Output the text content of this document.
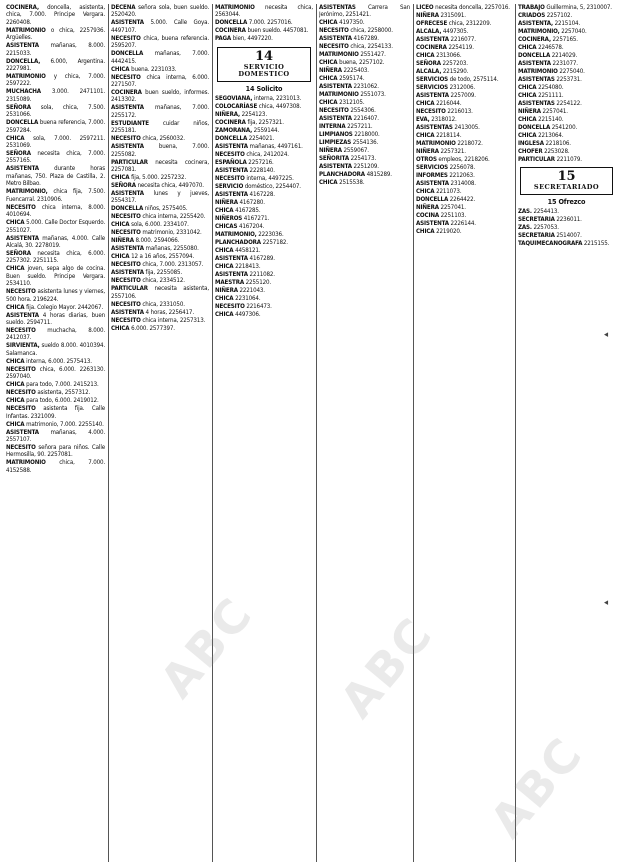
COCINERA, doncella, asistenta, chica, 7.000. Principe Vergara. 2260408.

MATRIMONIO o chica, 2257936. Argüelles.

ASISTENTA mañanas, 8.000. 2215033.

DONCELLA, 6.000, Argentina. 2227981.

MATRIMONIO y chica, 7.000. 2597222.

MUCHACHA 3.000. 2471101. 2315089.

SEÑORA sola, chica, 7.500. 2531066.

DONCELLA buena referencia, 7.000. 2597284.

CHICA sola, 7.000. 2597211. 2531069.

SEÑORA necesita chica, 7.000. 2557165.

ASISTENTA durante horas mañanas, 750. Plaza de Castilla, 2. Metro Bilbao.

MATRIMONIO, chica fija, 7.500. Fuencarral. 2310906.

NECESITO chica interna, 8.000. 4010694.

CHICA 5.000. Calle Doctor Esquerdo. 2551027.

ASISTENTA mañanas, 4.000. Calle Alcalá, 30. 2278019.

SEÑORA necesita chica, 6.000. 2257302. 2251115.

CHICA joven, sepa algo de cocina. Buen sueldo. Principe Vergara. 2534110.

NECESITO asistenta lunes y viernes, 500 hora. 2196224.

CHICA fija. Colegio Mayor. 2442067.

ASISTENTA 4 horas diarias, buen sueldo. 2594711.

NECESITO muchacha, 8.000. 2412037.

SIRVIENTA, sueldo 8.000. 4010394. Salamanca.

CHICA interna, 6.000. 2575413.

NECESITO chica, 6.000. 2263130. 2597040.

CHICA para todo, 7.000. 2415213.

NECESITO asistenta, 2557312.

CHICA para todo, 6.000. 2419012.

NECESITO asistenta fija. Calle Infantas. 2321009.

CHICA matrimonio, 7.000. 2255140.

ASISTENTA mañanas, 4.000. 2557107.

NECESITO señora para niños. Calle Hermosilla, 90. 2257081.

MATRIMONIO chica, 7.000. 4152588.

DECENA señora sola, buen sueldo. 2520420.

ASISTENTA 5.000. Calle Goya. 4497107.

NECESITO chica, buena referencia. 2595207.

DONCELLA mañanas, 7.000. 4442415.

CHICA buena. 2231033.

NECESITO chica interna, 6.000. 2271507.

COCINERA buen sueldo, informes. 2413302.

ASISTENTA mañanas, 7.000. 2255172.

ESTUDIANTE cuidar niños, 2255181.

NECESITO chica, 2560032.

ASISTENTA buena, 7.000. 2255082.

PARTICULAR necesita cocinera, 2257081.

CHICA fija, 5.000. 2257232.

SEÑORA necesita chica, 4497070.

ASISTENTA lunes y jueves, 2554317.

DONCELLA niños, 2575405.

NECESITO chica interna, 2255420.

CHICA sola, 6.000. 2334107.

NECESITO matrimonio, 2331042.

NIÑERA 8.000. 2594066.

ASISTENTA mañanas, 2255080.

CHICA 12 a 16 años, 2557094.

NECESITO chica, 7.000. 2313057.

ASISTENTA fija, 2255085.

NECESITO chica, 2334512.

PARTICULAR necesita asistenta, 2557106.

NECESITO chica, 2331050.

ASISTENTA 4 horas, 2256417.

NECESITO chica interna, 2257313.

CHICA 6.000. 2577397.

MATRIMONIO necesita chica, 2563044.

DONCELLA 7.000. 2257016.

COCINERA buen sueldo. 4457081.

PAGA bien, 4497220.

14
SERVICIO DOMESTICO
14 Solicito

SEGOVIANA, interna, 2231013.

COLOCARÍASE chica, 4497308.

NIÑERA, 2254123.

COCINERA fija, 2257321.

ZAMORANA, 2559144.

DONCELLA 2254021.

ASISTENTA mañanas, 4497161.

NECESITO chica, 2412024.

ESPAÑOLA 2257216.

ASISTENTA 2228140.

NECESITO interna, 4497225.

SERVICIO doméstico, 2254407.

ASISTENTA 4167228.

NIÑERA 4167280.

CHICA 4167285.

NIÑEROS 4167271.

CHICAS 4167204.

MATRIMONIO, 2223036.

PLANCHADORA 2257182.

CHICA 4458121.

ASISTENTA 4167289.

CHICA 2218413.

ASISTENTA 2211082.

MAESTRA 2255120.

NIÑERA 2221043.

CHICA 2231064.

NECESITO 2216473.

CHICA 4497306.

ASISTENTAS Carrera San Jerónimo, 2251421.

CHICA 4197350.

NECESITO chica, 2258000.

ASISTENTA 4167289.

NECESITO chica, 2254133.

MATRIMONIO 2551427.

CHICA buena, 2257102.

NIÑERA 2225403.

CHICA 2595174.

ASISTENTA 2231062.

MATRIMONIO 2551073.

CHICA 2312105.

NECESITO 2554306.

ASISTENTA 2216407.

INTERNA 2257211.

LIMPIANOS 2218000.

LIMPIEZAS 2554136.

NIÑERA 2559067.

SEÑORITA 2254173.

ASISTENTA 2251209.

PLANCHADORA 4815289.

CHICA 2515538.

LICEO necesita doncella, 2257016.

NIÑERA 2315091.

OFRECESE chica, 2312209.

ALCALA, 4497305.

ASISTENTA 2216077.

COCINERA 2254119.

CHICA 2313066.

SEÑORA 2257203.

ALCALA, 2215290.

SERVICIOS de todo, 2575114.

SERVICIOS 2312006.

ASISTENTA 2257009.

CHICA 2216044.

NECESITO 2216013.

EVA, 2318012.

ASISTENTAS 2413005.

CHICA 2218114.

MATRIMONIO 2218072.

NIÑERA 2257321.

OTROS empleos, 2218206.

SERVICIOS 2256078.

INFORMES 2212063.

ASISTENTA 2314008.

CHICA 2211073.

DONCELLA 2264422.

NIÑERA 2257041.

COCINA 2251103.

ASISTENTA 2226144.

CHICA 2219020.

TRABAJO Guillermina, 5, 2310007.

CRIADOS 2257102.

ASISTENTA, 2215104.

MATRIMONIO, 2257040.

COCINERA, 2257165.

CHICA 2246578.

DONCELLA 2214029.

ASISTENTA 2231077.

MATRIMONIO 2275040.

ASISTENTAS 2253731.

CHICA 2254080.

CHICA 2251111.

ASISTENTAS 2254122.

NIÑERA 2257041.

CHICA 2215140.

DONCELLA 2541200.

CHICA 2213064.

INGLESA 2218106.

CHOFER 2253028.

PARTICULAR 2211079.

15
SECRETARIADO
15 Ofrezco

ZAS. 2254413.

SECRETARIA 2236011.

ZAS. 2257053.

SECRETARIA 2514007.

TAQUIMECANOGRAFA 2215155.

ABC ABC
ABC
◂
◂
